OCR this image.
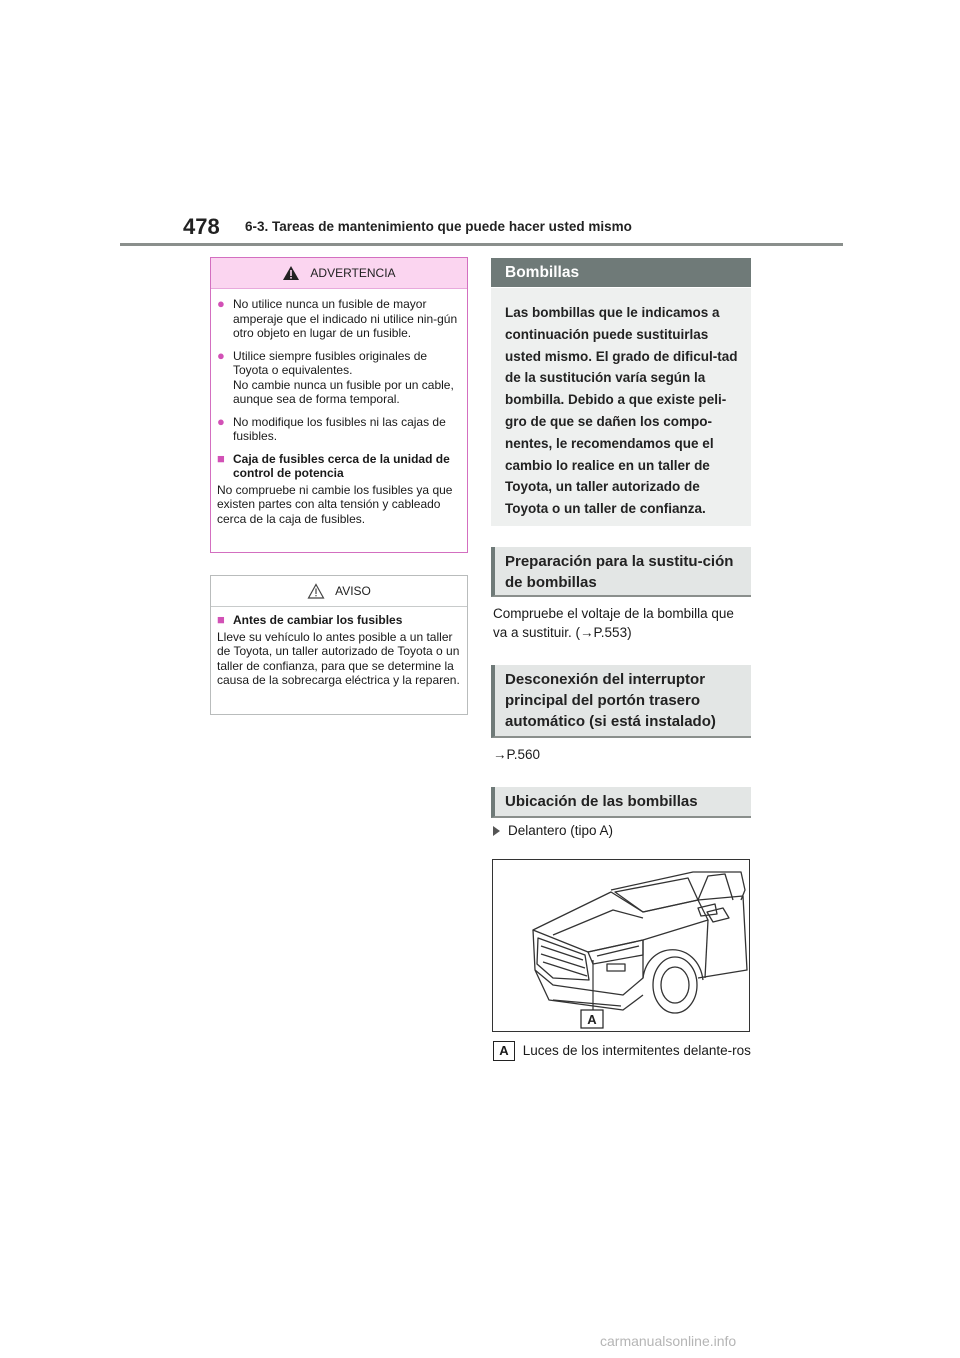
478 6-3. Tareas de mantenimiento que puede hacer usted mismo
ADVERTENCIA
● No utilice nunca un fusible de mayor amperaje que el indicado ni utilice nin-gún otro objeto en lugar de un fusible.
● Utilice siempre fusibles originales de Toyota o equivalentes.
No cambie nunca un fusible por un cable, aunque sea de forma temporal.
● No modifique los fusibles ni las cajas de fusibles.
■ Caja de fusibles cerca de la unidad de control de potencia
No compruebe ni cambie los fusibles ya que existen partes con alta tensión y cableado cerca de la caja de fusibles.
AVISO
■ Antes de cambiar los fusibles
Lleve su vehículo lo antes posible a un taller de Toyota, un taller autorizado de Toyota o un taller de confianza, para que se determine la causa de la sobrecarga eléctrica y la reparen.
Bombillas
Las bombillas que le indicamos a continuación puede sustituirlas usted mismo. El grado de dificul-tad de la sustitución varía según la bombilla. Debido a que existe peli-gro de que se dañen los compo-nentes, le recomendamos que el cambio lo realice en un taller de Toyota, un taller autorizado de Toyota o un taller de confianza.
Preparación para la sustitu-ción de bombillas
Compruebe el voltaje de la bombilla que va a sustituir. (→P.553)
Desconexión del interruptor principal del portón trasero automático (si está instalado)
→P.560
Ubicación de las bombillas
Delantero (tipo A)
A
A Luces de los intermitentes delante-ros
carmanualsonline.info
